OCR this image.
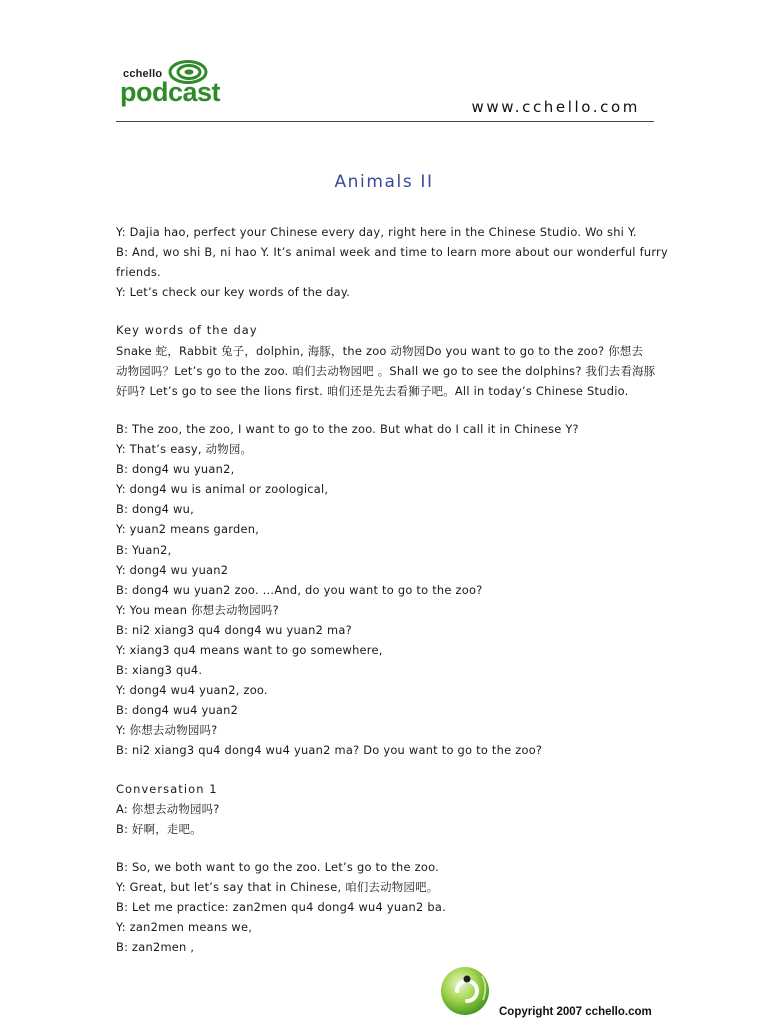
cchello
podcast	www.cchello.com
Animals II
Y: Dajia hao, perfect your Chinese every day, right here in the Chinese Studio. Wo shi Y.
B: And, wo shi B, ni hao Y. It’s animal week and time to learn more about our wonderful furry
friends.
Y: Let’s check our key words of the day.
Key words of the day
Snake 蛇，Rabbit 兔子，dolphin, 海豚，the zoo 动物园Do you want to go to the zoo? 你想去
动物园吗？Let’s go to the zoo. 咱们去动物园吧 。Shall we go to see the dolphins? 我们去看海豚
好吗? Let’s go to see the lions first. 咱们还是先去看狮子吧。All in today’s Chinese Studio.
B: The zoo, the zoo, I want to go to the zoo. But what do I call it in Chinese Y?
Y: That’s easy, 动物园。
B: dong4 wu yuan2,
Y: dong4 wu is animal or zoological,
B: dong4 wu,
Y: yuan2 means garden,
B: Yuan2,
Y: dong4 wu yuan2
B: dong4 wu yuan2 zoo. …And, do you want to go to the zoo?
Y: You mean 你想去动物园吗?
B: ni2 xiang3 qu4 dong4 wu yuan2 ma?
Y: xiang3 qu4 means want to go somewhere,
B: xiang3 qu4.
Y: dong4 wu4 yuan2, zoo.
B: dong4 wu4 yuan2
Y: 你想去动物园吗?
B: ni2 xiang3 qu4 dong4 wu4 yuan2 ma? Do you want to go to the zoo?
Conversation 1
A: 你想去动物园吗?
B: 好啊，走吧。
B: So, we both want to go the zoo. Let’s go to the zoo.
Y: Great, but let’s say that in Chinese, 咱们去动物园吧。
B: Let me practice: zan2men qu4 dong4 wu4 yuan2 ba.
Y: zan2men means we,
B: zan2men ,
Copyright 2007 cchello.com
